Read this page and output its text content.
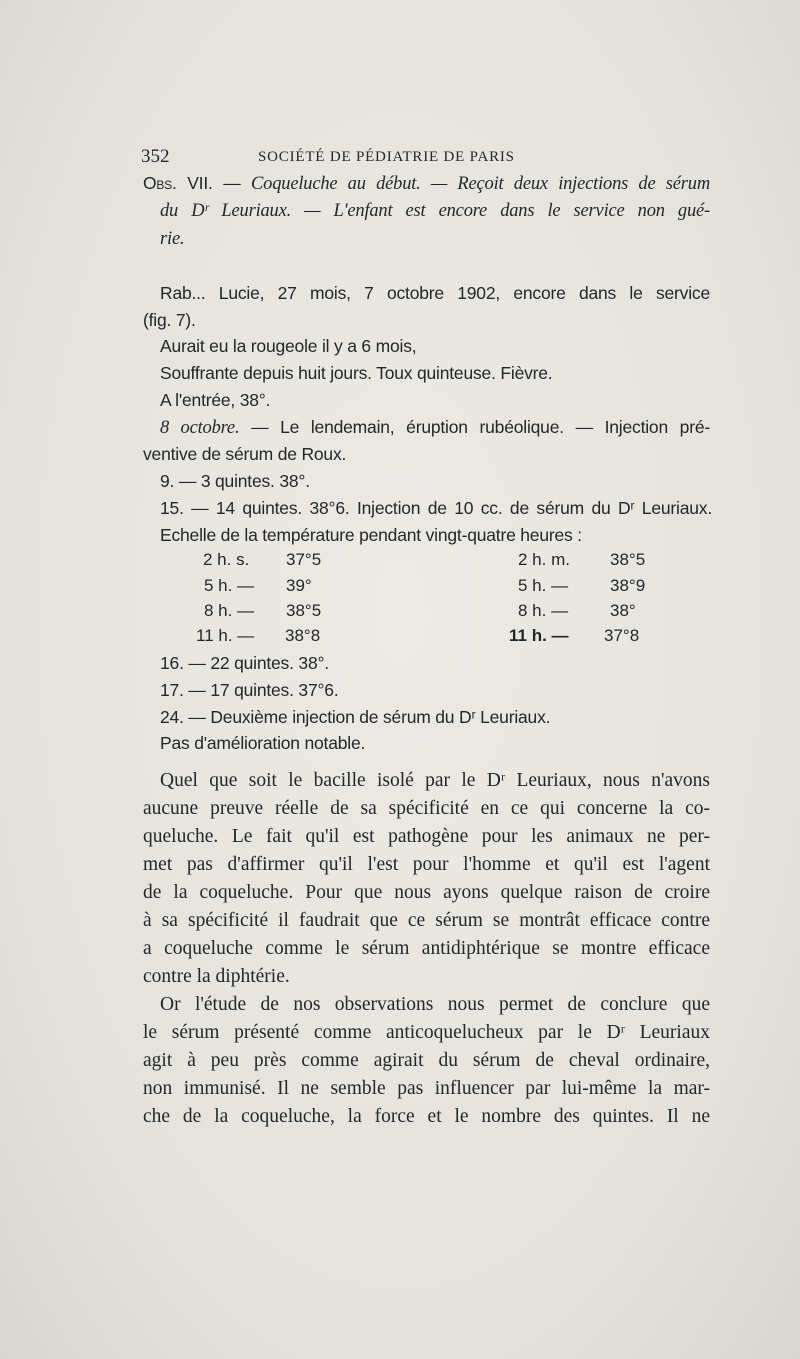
352	SOCIÉTÉ DE PÉDIATRIE DE PARIS
Obs. VII. — Coqueluche au début. — Reçoit deux injections de sérum
du Dʳ Leuriaux. — L'enfant est encore dans le service non gué-
rie.
Rab... Lucie, 27 mois, 7 octobre 1902, encore dans le service
(fig. 7).
Aurait eu la rougeole il y a 6 mois,
Souffrante depuis huit jours. Toux quinteuse. Fièvre.
A l'entrée, 38°.
8 octobre. — Le lendemain, éruption rubéolique. — Injection pré-
ventive de sérum de Roux.
9. — 3 quintes. 38°.
15. — 14 quintes. 38°6. Injection de 10 cc. de sérum du Dʳ Leuriaux.
Echelle de la température pendant vingt-quatre heures :
2 h. s. 37°5
5 h. — 39°
8 h. — 38°5
11 h. — 38°8
2 h. m. 38°5
5 h. — 38°9
8 h. — 38°
11 h. — 37°8
16. — 22 quintes. 38°.
17. — 17 quintes. 37°6.
24. — Deuxième injection de sérum du Dʳ Leuriaux.
Pas d'amélioration notable.
Quel que soit le bacille isolé par le Dʳ Leuriaux, nous n'avons
aucune preuve réelle de sa spécificité en ce qui concerne la co-
queluche. Le fait qu'il est pathogène pour les animaux ne per-
met pas d'affirmer qu'il l'est pour l'homme et qu'il est l'agent
de la coqueluche. Pour que nous ayons quelque raison de croire
à sa spécificité il faudrait que ce sérum se montrât efficace contre
a coqueluche comme le sérum antidiphtérique se montre efficace
contre la diphtérie.
Or l'étude de nos observations nous permet de conclure que
le sérum présenté comme anticoquelucheux par le Dʳ Leuriaux
agit à peu près comme agirait du sérum de cheval ordinaire,
non immunisé. Il ne semble pas influencer par lui-même la mar-
che de la coqueluche, la force et le nombre des quintes. Il ne
